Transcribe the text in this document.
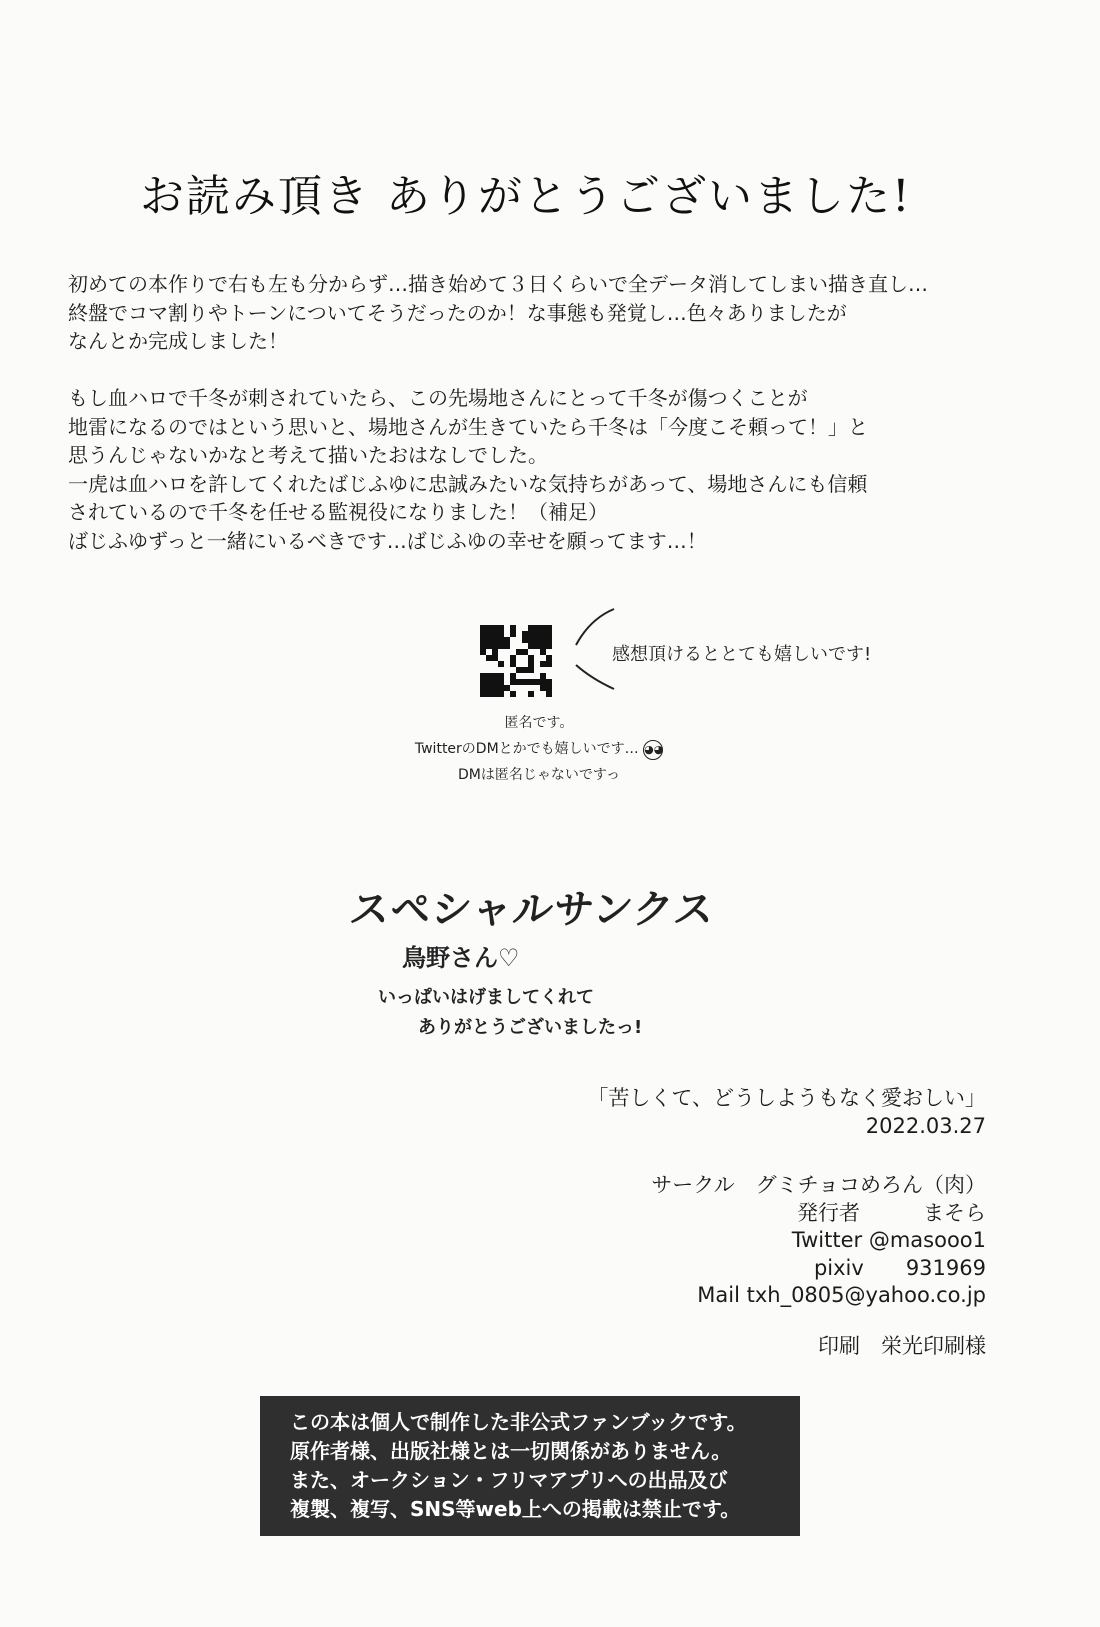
お読み頂き ありがとうございました!

初めての本作りで右も左も分からず…描き始めて３日くらいで全データ消してしまい描き直し…

終盤でコマ割りやトーンについてそうだったのか！な事態も発覚し…色々ありましたが

なんとか完成しました！

もし血ハロで千冬が刺されていたら、この先場地さんにとって千冬が傷つくことが

地雷になるのではという思いと、場地さんが生きていたら千冬は「今度こそ頼って！」と

思うんじゃないかなと考えて描いたおはなしでした。

一虎は血ハロを許してくれたばじふゆに忠誠みたいな気持ちがあって、場地さんにも信頼

されているので千冬を任せる監視役になりました！（補足）

ばじふゆずっと一緒にいるべきです…ばじふゆの幸せを願ってます…！

感想頂けるととても嬉しいです!
匿名です。
TwitterのDMとかでも嬉しいです… ◕◕
DMは匿名じゃないですっ
スペシャルサンクス
鳥野さん♡
いっぱいはげましてくれて
ありがとうございましたっ!
「苦しくて、どうしようもなく愛おしい」
2022.03.27
サークル　グミチョコめろん（肉）
発行者　　　まそら
Twitter @masooo1
pixiv　　931969
Mail txh_0805@yahoo.co.jp
印刷　栄光印刷様
この本は個人で制作した非公式ファンブックです。
原作者様、出版社様とは一切関係がありません。
また、オークション・フリマアプリへの出品及び
複製、複写、SNS等web上への掲載は禁止です。
